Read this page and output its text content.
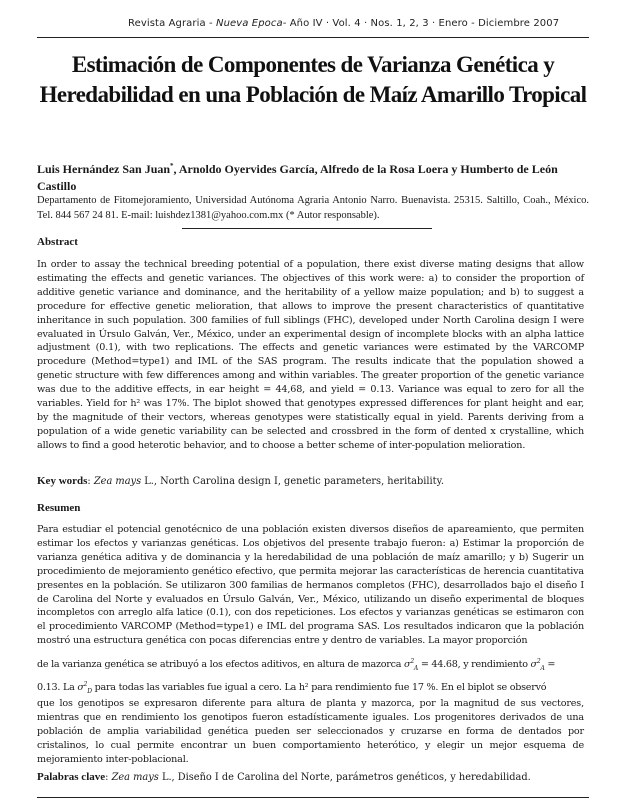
Revista Agraria - Nueva Epoca- Año IV · Vol. 4 · Nos. 1, 2, 3 · Enero - Diciembre 2007
Estimación de Componentes de Varianza Genética y Heredabilidad en una Población de Maíz Amarillo Tropical
Luis Hernández San Juan*, Arnoldo Oyervides García, Alfredo de la Rosa Loera y Humberto de León Castillo
Departamento de Fitomejoramiento, Universidad Autónoma Agraria Antonio Narro. Buenavista. 25315. Saltillo, Coah., México. Tel. 844 567 24 81. E-mail: luishdez1381@yahoo.com.mx (* Autor responsable).
Abstract
In order to assay the technical breeding potential of a population, there exist diverse mating designs that allow estimating the effects and genetic variances. The objectives of this work were: a) to consider the proportion of additive genetic variance and dominance, and the heritability of a yellow maize population; and b) to suggest a procedure for effective genetic melioration, that allows to improve the present characteristics of quantitative inheritance in such population. 300 families of full siblings (FHC), developed under North Carolina design I were evaluated in Úrsulo Galván, Ver., México, under an experimental design of incomplete blocks with an alpha lattice adjustment (0.1), with two replications. The effects and genetic variances were estimated by the VARCOMP procedure (Method=type1) and IML of the SAS program. The results indicate that the population showed a genetic structure with few differences among and within variables. The greater proportion of the genetic variance was due to the additive effects, in ear height = 44,68, and yield = 0.13. Variance was equal to zero for all the variables. Yield for h² was 17%. The biplot showed that genotypes expressed differences for plant height and ear, by the magnitude of their vectors, whereas genotypes were statistically equal in yield. Parents deriving from a population of a wide genetic variability can be selected and crossbred in the form of dented x crystalline, which allows to find a good heterotic behavior, and to choose a better scheme of inter-population melioration.
Key words: Zea mays L., North Carolina design I, genetic parameters, heritability.
Resumen
Para estudiar el potencial genotécnico de una población existen diversos diseños de apareamiento, que permiten estimar los efectos y varianzas genéticas. Los objetivos del presente trabajo fueron: a) Estimar la proporción de varianza genética aditiva y de dominancia y la heredabilidad de una población de maíz amarillo; y b) Sugerir un procedimiento de mejoramiento genético efectivo, que permita mejorar las características de herencia cuantitativa presentes en la población. Se utilizaron 300 familias de hermanos completos (FHC), desarrollados bajo el diseño I de Carolina del Norte y evaluados en Úrsulo Galván, Ver., México, utilizando un diseño experimental de bloques incompletos con arreglo alfa latice (0.1), con dos repeticiones. Los efectos y varianzas genéticas se estimaron con el procedimiento VARCOMP (Method=type1) e IML del programa SAS. Los resultados indicaron que la población mostró una estructura genética con pocas diferencias entre y dentro de variables. La mayor proporción
de la varianza genética se atribuyó a los efectos aditivos, en altura de mazorca $\sigma^2_A = 44.68$, y rendimiento $\sigma^2_A$ =
0.13. La $\sigma^2_D$ para todas las variables fue igual a cero. La h² para rendimiento fue 17 %. En el biplot se observó
que los genotipos se expresaron diferente para altura de planta y mazorca, por la magnitud de sus vectores, mientras que en rendimiento los genotipos fueron estadísticamente iguales. Los progenitores derivados de una población de amplia variabilidad genética pueden ser seleccionados y cruzarse en forma de dentados por cristalinos, lo cual permite encontrar un buen comportamiento heterótico, y elegir un mejor esquema de mejoramiento inter-poblacional.
Palabras clave: Zea mays L., Diseño I de Carolina del Norte, parámetros genéticos, y heredabilidad.
